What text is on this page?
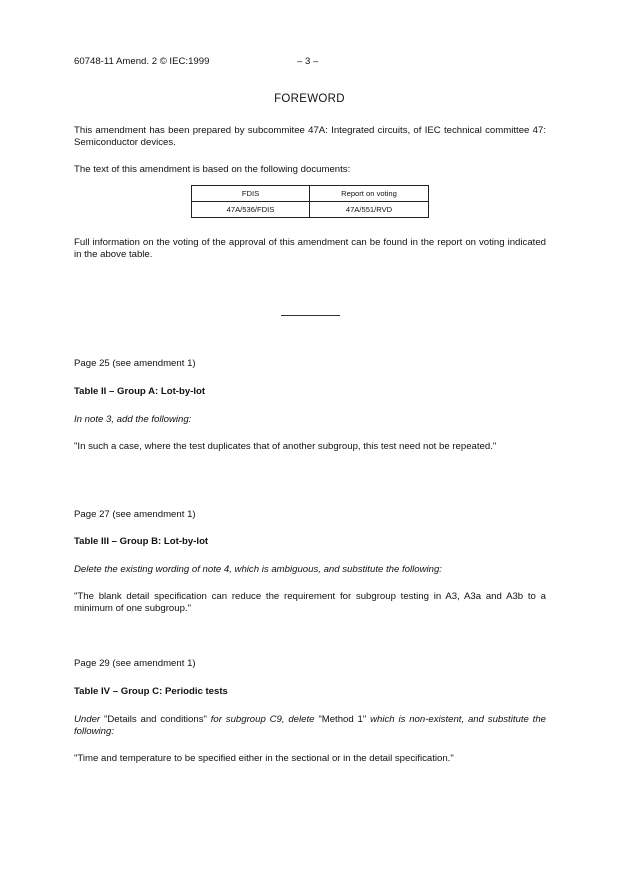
60748-11 Amend. 2 © IEC:1999	– 3 –
FOREWORD
This amendment has been prepared by subcommitee 47A: Integrated circuits, of IEC technical committee 47: Semiconductor devices.
The text of this amendment is based on the following documents:
FDIS	Report on voting
47A/536/FDIS	47A/551/RVD
Full information on the voting of the approval of this amendment can be found in the report on voting indicated in the above table.
Page 25 (see amendment 1)
Table II – Group A: Lot-by-lot
In note 3, add the following:
"In such a case, where the test duplicates that of another subgroup, this test need not be repeated."
Page 27 (see amendment 1)
Table III – Group B: Lot-by-lot
Delete the existing wording of note 4, which is ambiguous, and substitute the following:
"The blank detail specification can reduce the requirement for subgroup testing in A3, A3a and A3b to a minimum of one subgroup."
Page 29 (see amendment 1)
Table IV – Group C: Periodic tests
Under "Details and conditions" for subgroup C9, delete "Method 1" which is non-existent, and substitute the following:
"Time and temperature to be specified either in the sectional or in the detail specification."
